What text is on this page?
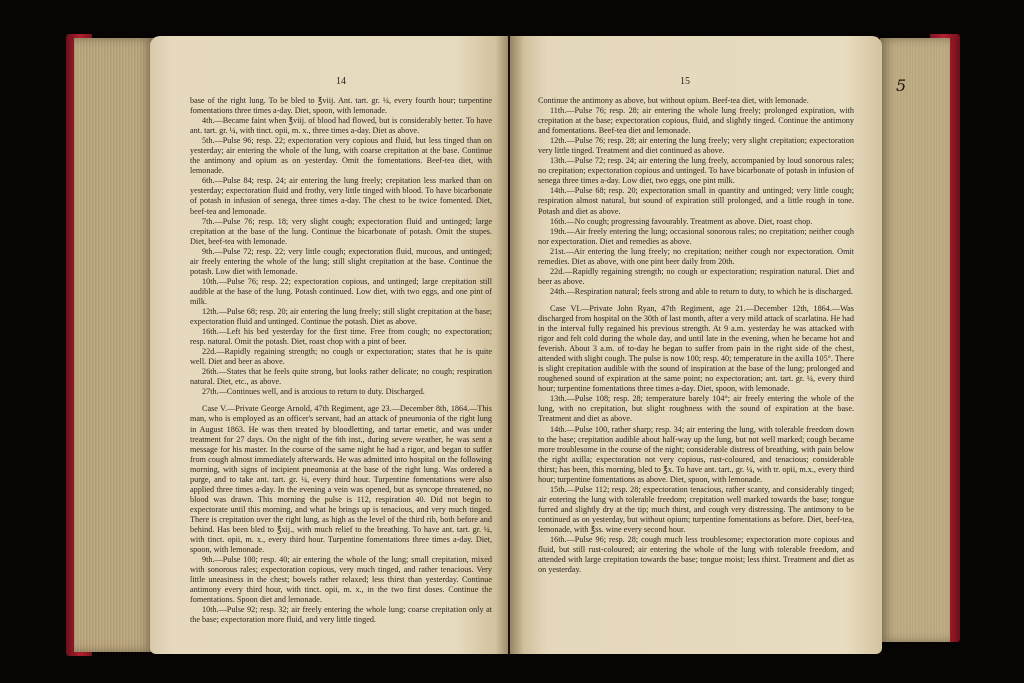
14

base of the right lung. To be bled to ℥viij. Ant. tart. gr. ¼, every fourth hour; turpentine fomentations three times a-day. Diet, spoon, with lemonade.

4th.—Became faint when ℥viij. of blood had flowed, but is considerably better. To have ant. tart. gr. ¼, with tinct. opii, m. x., three times a-day. Diet as above.

5th.—Pulse 96; resp. 22; expectoration very copious and fluid, but less tinged than on yesterday; air entering the whole of the lung, with coarse crepitation at the base. Continue the antimony and opium as on yesterday. Omit the fomentations. Beef-tea diet, with lemonade.

6th.—Pulse 84; resp. 24; air entering the lung freely; crepitation less marked than on yesterday; expectoration fluid and frothy, very little tinged with blood. To have bicarbonate of potash in infusion of senega, three times a-day. The chest to be twice fomented. Diet, beef-tea and lemonade.

7th.—Pulse 76; resp. 18; very slight cough; expectoration fluid and untinged; large crepitation at the base of the lung. Continue the bicarbonate of potash. Omit the stupes. Diet, beef-tea with lemonade.

9th.—Pulse 72; resp. 22; very little cough; expectoration fluid, mucous, and untinged; air freely entering the whole of the lung; still slight crepitation at the base. Continue the potash. Low diet with lemonade.

10th.—Pulse 76; resp. 22; expectoration copious, and untinged; large crepitation still audible at the base of the lung. Potash continued. Low diet, with two eggs, and one pint of milk.

12th.—Pulse 68; resp. 20; air entering the lung freely; still slight crepitation at the base; expectoration fluid and untinged. Continue the potash. Diet as above.

16th.—Left his bed yesterday for the first time. Free from cough; no expectoration; resp. natural. Omit the potash. Diet, roast chop with a pint of beer.

22d.—Rapidly regaining strength; no cough or expectoration; states that he is quite well. Diet and beer as above.

26th.—States that he feels quite strong, but looks rather delicate; no cough; respiration natural. Diet, etc., as above.

27th.—Continues well, and is anxious to return to duty. Discharged.

Case V.—Private George Arnold, 47th Regiment, age 23.—December 8th, 1864.—This man, who is employed as an officer's servant, had an attack of pneumonia of the right lung in August 1863. He was then treated by bloodletting, and tartar emetic, and was under treatment for 27 days. On the night of the 6th inst., during severe weather, he was sent a message for his master. In the course of the same night he had a rigor, and began to suffer from cough almost immediately afterwards. He was admitted into hospital on the following morning, with signs of incipient pneumonia at the base of the right lung. Was ordered a purge, and to take ant. tart. gr. ¼, every third hour. Turpentine fomentations were also applied three times a-day. In the evening a vein was opened, but as syncope threatened, no blood was drawn. This morning the pulse is 112, respiration 40. Did not begin to expectorate until this morning, and what he brings up is tenacious, and very much tinged. There is crepitation over the right lung, as high as the level of the third rib, both before and behind. Has been bled to ℥xij., with much relief to the breathing. To have ant. tart. gr. ¼, with tinct. opii, m. x., every third hour. Turpentine fomentations three times a-day. Diet, spoon, with lemonade.

9th.—Pulse 100; resp. 40; air entering the whole of the lung; small crepitation, mixed with sonorous rales; expectoration copious, very much tinged, and rather tenacious. Very little uneasiness in the chest; bowels rather relaxed; less thirst than yesterday. Continue antimony every third hour, with tinct. opii, m. x., in the two first doses. Continue the fomentations. Spoon diet and lemonade.

10th.—Pulse 92; resp. 32; air freely entering the whole lung; coarse crepitation only at the base; expectoration more fluid, and very little tinged.

15

Continue the antimony as above, but without opium. Beef-tea diet, with lemonade.

11th.—Pulse 76; resp. 28; air entering the whole lung freely; prolonged expiration, with crepitation at the base; expectoration copious, fluid, and slightly tinged. Continue the antimony and fomentations. Beef-tea diet and lemonade.

12th.—Pulse 76; resp. 28; air entering the lung freely; very slight crepitation; expectoration very little tinged. Treatment and diet continued as above.

13th.—Pulse 72; resp. 24; air entering the lung freely, accompanied by loud sonorous rales; no crepitation; expectoration copious and untinged. To have bicarbonate of potash in infusion of senega three times a-day. Low diet, two eggs, one pint milk.

14th.—Pulse 68; resp. 20; expectoration small in quantity and untinged; very little cough; respiration almost natural, but sound of expiration still prolonged, and a little rough in tone. Potash and diet as above.

16th.—No cough; progressing favourably. Treatment as above. Diet, roast chop.

19th.—Air freely entering the lung; occasional sonorous rales; no crepitation; neither cough nor expectoration. Diet and remedies as above.

21st.—Air entering the lung freely; no crepitation; neither cough nor expectoration. Omit remedies. Diet as above, with one pint beer daily from 20th.

22d.—Rapidly regaining strength; no cough or expectoration; respiration natural. Diet and beer as above.

24th.—Respiration natural; feels strong and able to return to duty, to which he is discharged.

Case VI.—Private John Ryan, 47th Regiment, age 21.—December 12th, 1864.—Was discharged from hospital on the 30th of last month, after a very mild attack of scarlatina. He had in the interval fully regained his previous strength. At 9 a.m. yesterday he was attacked with rigor and felt cold during the whole day, and until late in the evening, when he became hot and feverish. About 3 a.m. of to-day he began to suffer from pain in the right side of the chest, attended with slight cough. The pulse is now 100; resp. 40; temperature in the axilla 105°. There is slight crepitation audible with the sound of inspiration at the base of the lung; prolonged and roughened sound of expiration at the same point; no expectoration; ant. tart. gr. ¼, every third hour; turpentine fomentations three times a-day. Diet, spoon, with lemonade.

13th.—Pulse 108; resp. 28; temperature barely 104°; air freely entering the whole of the lung, with no crepitation, but slight roughness with the sound of expiration at the base. Treatment and diet as above.

14th.—Pulse 100, rather sharp; resp. 34; air entering the lung, with tolerable freedom down to the base; crepitation audible about half-way up the lung, but not well marked; cough became more troublesome in the course of the night; considerable distress of breathing, with pain below the right axilla; expectoration not very copious, rust-coloured, and tenacious; considerable thirst; has been, this morning, bled to ℥x. To have ant. tart., gr. ¼, with tr. opii, m.x., every third hour; turpentine fomentations as above. Diet, spoon, with lemonade.

15th.—Pulse 112; resp. 28; expectoration tenacious, rather scanty, and considerably tinged; air entering the lung with tolerable freedom; crepitation well marked towards the base; tongue furred and slightly dry at the tip; much thirst, and cough very distressing. The antimony to be continued as on yesterday, but without opium; turpentine fomentations as before. Diet, beef-tea, lemonade, with ℥ss. wine every second hour.

16th.—Pulse 96; resp. 28; cough much less troublesome; expectoration more copious and fluid, but still rust-coloured; air entering the whole of the lung with tolerable freedom, and attended with large crepitation towards the base; tongue moist; less thirst. Treatment and diet as on yesterday.

5
